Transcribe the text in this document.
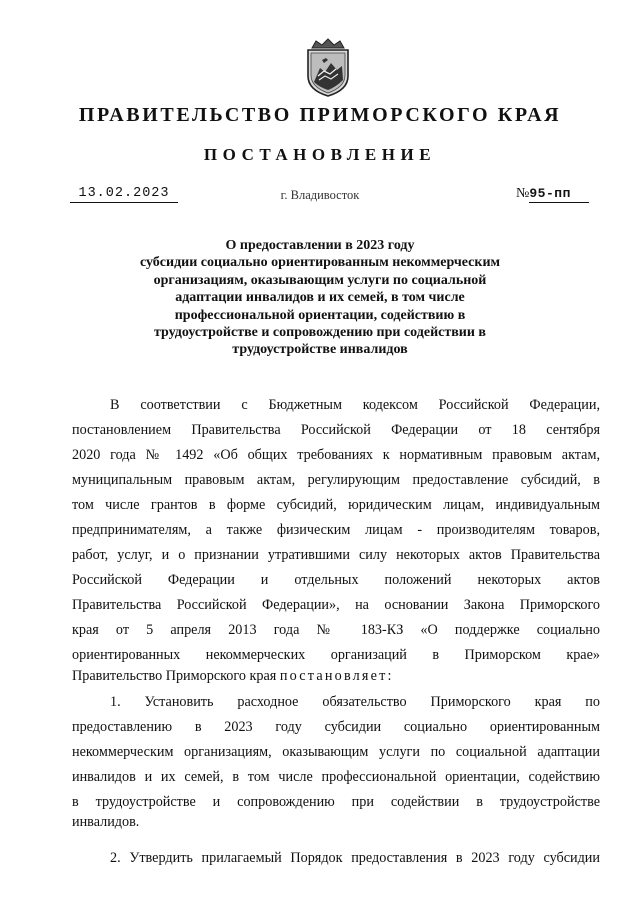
ПРАВИТЕЛЬСТВО ПРИМОРСКОГО КРАЯ
ПОСТАНОВЛЕНИЕ
13.02.2023	г. Владивосток	№95-пп
О предоставлении в 2023 году
субсидии социально ориентированным некоммерческим
организациям, оказывающим услуги по социальной
адаптации инвалидов и их семей, в том числе
профессиональной ориентации, содействию в
трудоустройстве и сопровождению при содействии в
трудоустройстве инвалидов
В соответствии с Бюджетным кодексом Российской Федерации,
постановлением Правительства Российской Федерации от 18 сентября
2020 года № 1492 «Об общих требованиях к нормативным правовым актам,
муниципальным правовым актам, регулирующим предоставление субсидий, в
том числе грантов в форме субсидий, юридическим лицам, индивидуальным
предпринимателям, а также физическим лицам - производителям товаров,
работ, услуг, и о признании утратившими силу некоторых актов Правительства
Российской Федерации и отдельных положений некоторых актов
Правительства Российской Федерации», на основании Закона Приморского
края от 5 апреля 2013 года № 183-КЗ «О поддержке социально
ориентированных некоммерческих организаций в Приморском крае»
Правительство Приморского края постановляет:
1. Установить расходное обязательство Приморского края по
предоставлению в 2023 году субсидии социально ориентированным
некоммерческим организациям, оказывающим услуги по социальной адаптации
инвалидов и их семей, в том числе профессиональной ориентации, содействию
в трудоустройстве и сопровождению при содействии в трудоустройстве
инвалидов.
2. Утвердить прилагаемый Порядок предоставления в 2023 году субсидии
